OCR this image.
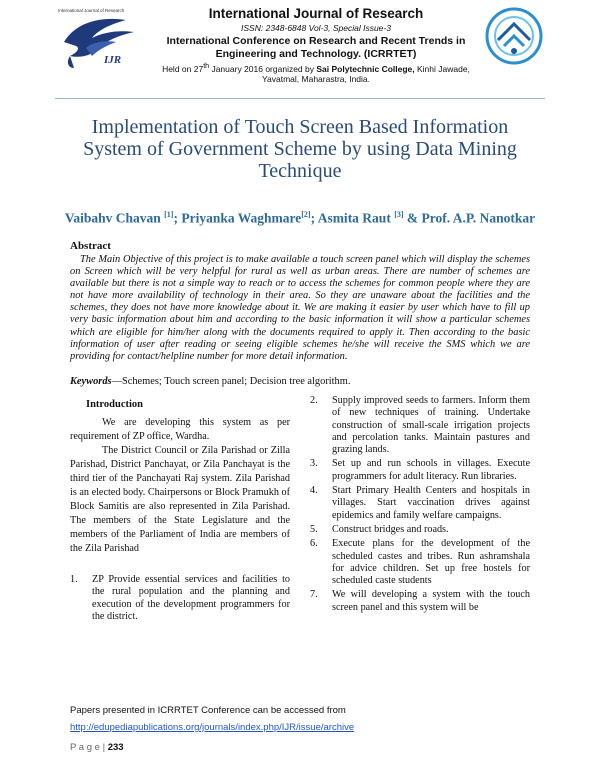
International Journal of Research
IJR
International Journal of Research
ISSN: 2348-6848 Vol-3, Special Issue-3
International Conference on Research and Recent Trends in Engineering and Technology. (ICRRTET)
Held on 27th January 2016 organized by Sai Polytechnic College, Kinhi Jawade, Yavatmal, Maharastra, India.
Implementation of Touch Screen Based Information System of Government Scheme by using Data Mining Technique
Vaibahv Chavan [1]; Priyanka Waghmare[2]; Asmita Raut [3] & Prof. A.P. Nanotkar
Abstract
The Main Objective of this project is to make available a touch screen panel which will display the schemes on Screen which will be very helpful for rural as well as urban areas. There are number of schemes are available but there is not a simple way to reach or to access the schemes for common people where they are not have more availability of technology in their area. So they are unaware about the facilities and the schemes, they does not have more knowledge about it. We are making it easier by user which have to fill up very basic information about him and according to the basic information it will show a particular schemes which are eligible for him/her along with the documents required to apply it. Then according to the basic information of user after reading or seeing eligible schemes he/she will receive the SMS which we are providing for contact/helpline number for more detail information.
Keywords—Schemes; Touch screen panel; Decision tree algorithm.
Introduction

We are developing this system as per requirement of ZP office, Wardha.

The District Council or Zila Parishad or Zilla Parishad, District Panchayat, or Zila Panchayat is the third tier of the Panchayati Raj system. Zila Parishad is an elected body. Chairpersons or Block Pramukh of Block Samitis are also represented in Zila Parishad. The members of the State Legislature and the members of the Parliament of India are members of the Zila Parishad

1. ZP Provide essential services and facilities to the rural population and the planning and execution of the development programmers for the district.
2. Supply improved seeds to farmers. Inform them of new techniques of training. Undertake construction of small-scale irrigation projects and percolation tanks. Maintain pastures and grazing lands.
3. Set up and run schools in villages. Execute programmers for adult literacy. Run libraries.
4. Start Primary Health Centers and hospitals in villages. Start vaccination drives against epidemics and family welfare campaigns.
5. Construct bridges and roads.
6. Execute plans for the development of the scheduled castes and tribes. Run ashramshala for advice children. Set up free hostels for scheduled caste students
7. We will developing a system with the touch screen panel and this system will be
Papers presented in ICRRTET Conference can be accessed from
http://edupediapublications.org/journals/index.php/IJR/issue/archive
P a g e | 233
